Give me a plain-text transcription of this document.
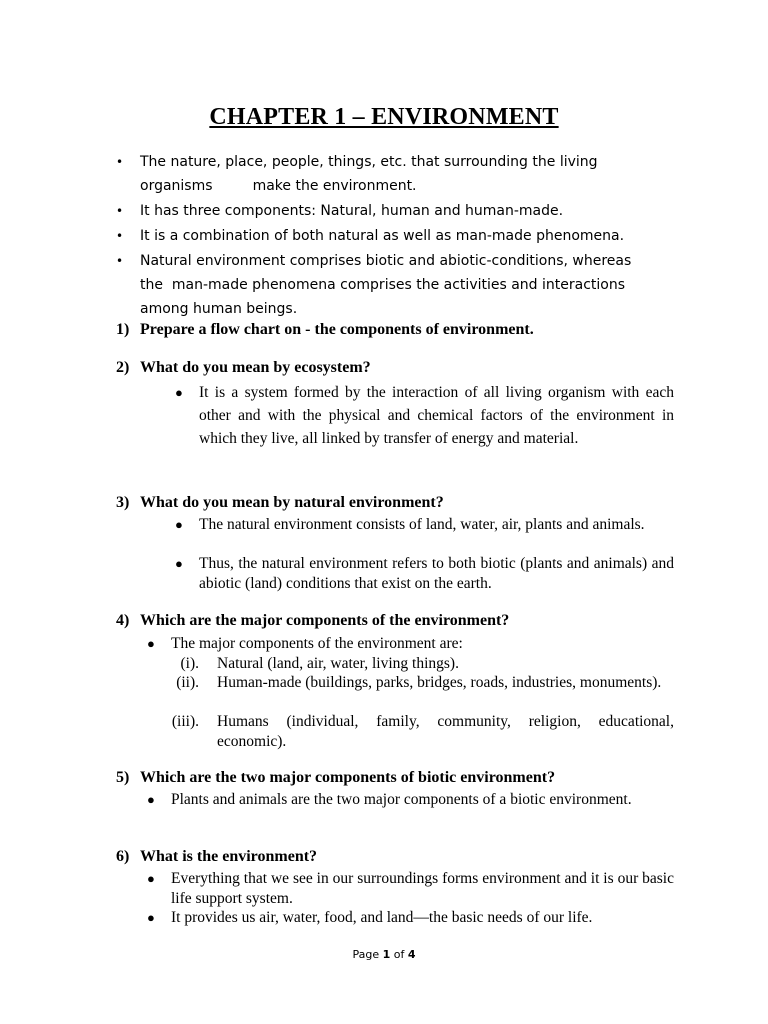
CHAPTER 1 – ENVIRONMENT
• The nature, place, people, things, etc. that surrounding the living
organisms         make the environment.
• It has three components: Natural, human and human-made.
• It is a combination of both natural as well as man-made phenomena.
• Natural environment comprises biotic and abiotic-conditions, whereas
the  man-made phenomena comprises the activities and interactions
among human beings.
1) Prepare a flow chart on - the components of environment.
2) What do you mean by ecosystem?
● It is a system formed by the interaction of all living organism with each other and with the physical and chemical factors of the environment in which they live, all linked by transfer of energy and material.
3) What do you mean by natural environment?
● The natural environment consists of land, water, air, plants and animals.
● Thus, the natural environment refers to both biotic (plants and animals) and abiotic (land) conditions that exist on the earth.
4) Which are the major components of the environment?
● The major components of the environment are:
(i). Natural (land, air, water, living things).
(ii). Human-made (buildings, parks, bridges, roads, industries, monuments).
(iii). Humans (individual, family, community, religion, educational, economic).
5) Which are the two major components of biotic environment?
● Plants and animals are the two major components of a biotic environment.
6) What is the environment?
● Everything that we see in our surroundings forms environment and it is our basic life support system.
● It provides us air, water, food, and land—the basic needs of our life.
Page 1 of 4
